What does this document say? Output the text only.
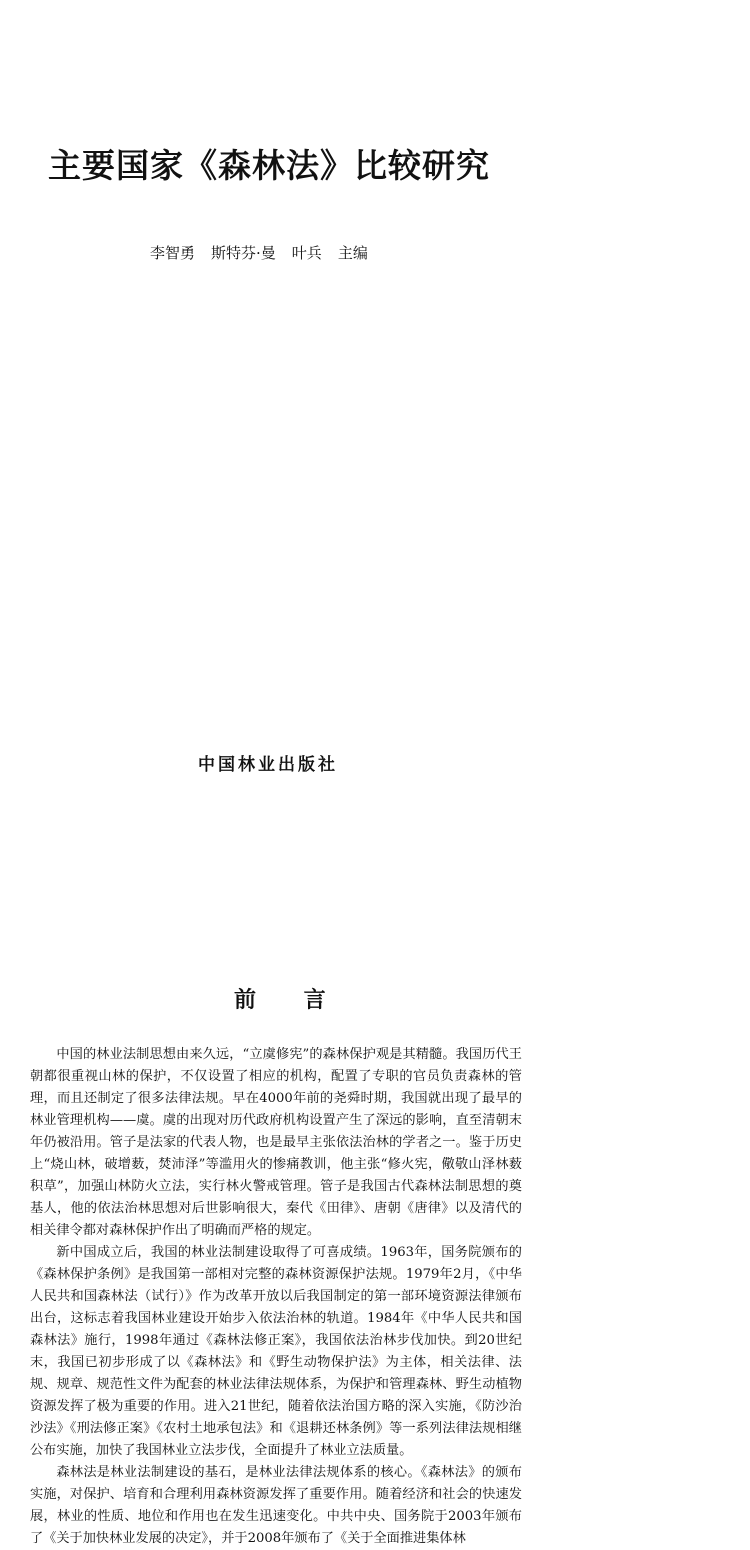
主要国家《森林法》比较研究
李智勇 斯特芬·曼 叶兵 主编
中国林业出版社
前 言

中国的林业法制思想由来久远，“立虞修宪”的森林保护观是其精髓。我国历代王朝都很重视山林的保护，不仅设置了相应的机构，配置了专职的官员负责森林的管理，而且还制定了很多法律法规。早在4000年前的尧舜时期，我国就出现了最早的林业管理机构——虞。虞的出现对历代政府机构设置产生了深远的影响，直至清朝末年仍被沿用。管子是法家的代表人物，也是最早主张依法治林的学者之一。鉴于历史上“烧山林，破增薮，焚沛泽”等滥用火的惨痛教训，他主张“修火宪，儆敬山泽林薮积草”，加强山林防火立法，实行林火警戒管理。管子是我国古代森林法制思想的奠基人，他的依法治林思想对后世影响很大，秦代《田律》、唐朝《唐律》以及清代的相关律令都对森林保护作出了明确而严格的规定。

新中国成立后，我国的林业法制建设取得了可喜成绩。1963年，国务院颁布的《森林保护条例》是我国第一部相对完整的森林资源保护法规。1979年2月，《中华人民共和国森林法（试行）》作为改革开放以后我国制定的第一部环境资源法律颁布出台，这标志着我国林业建设开始步入依法治林的轨道。1984年《中华人民共和国森林法》施行，1998年通过《森林法修正案》，我国依法治林步伐加快。到20世纪末，我国已初步形成了以《森林法》和《野生动物保护法》为主体，相关法律、法规、规章、规范性文件为配套的林业法律法规体系，为保护和管理森林、野生动植物资源发挥了极为重要的作用。进入21世纪，随着依法治国方略的深入实施，《防沙治沙法》《刑法修正案》《农村土地承包法》和《退耕还林条例》等一系列法律法规相继公布实施，加快了我国林业立法步伐，全面提升了林业立法质量。

森林法是林业法制建设的基石，是林业法律法规体系的核心。《森林法》的颁布实施，对保护、培育和合理利用森林资源发挥了重要作用。随着经济和社会的快速发展，林业的性质、地位和作用也在发生迅速变化。中共中央、国务院于2003年颁布了《关于加快林业发展的决定》，并于2008年颁布了《关于全面推进集体林
